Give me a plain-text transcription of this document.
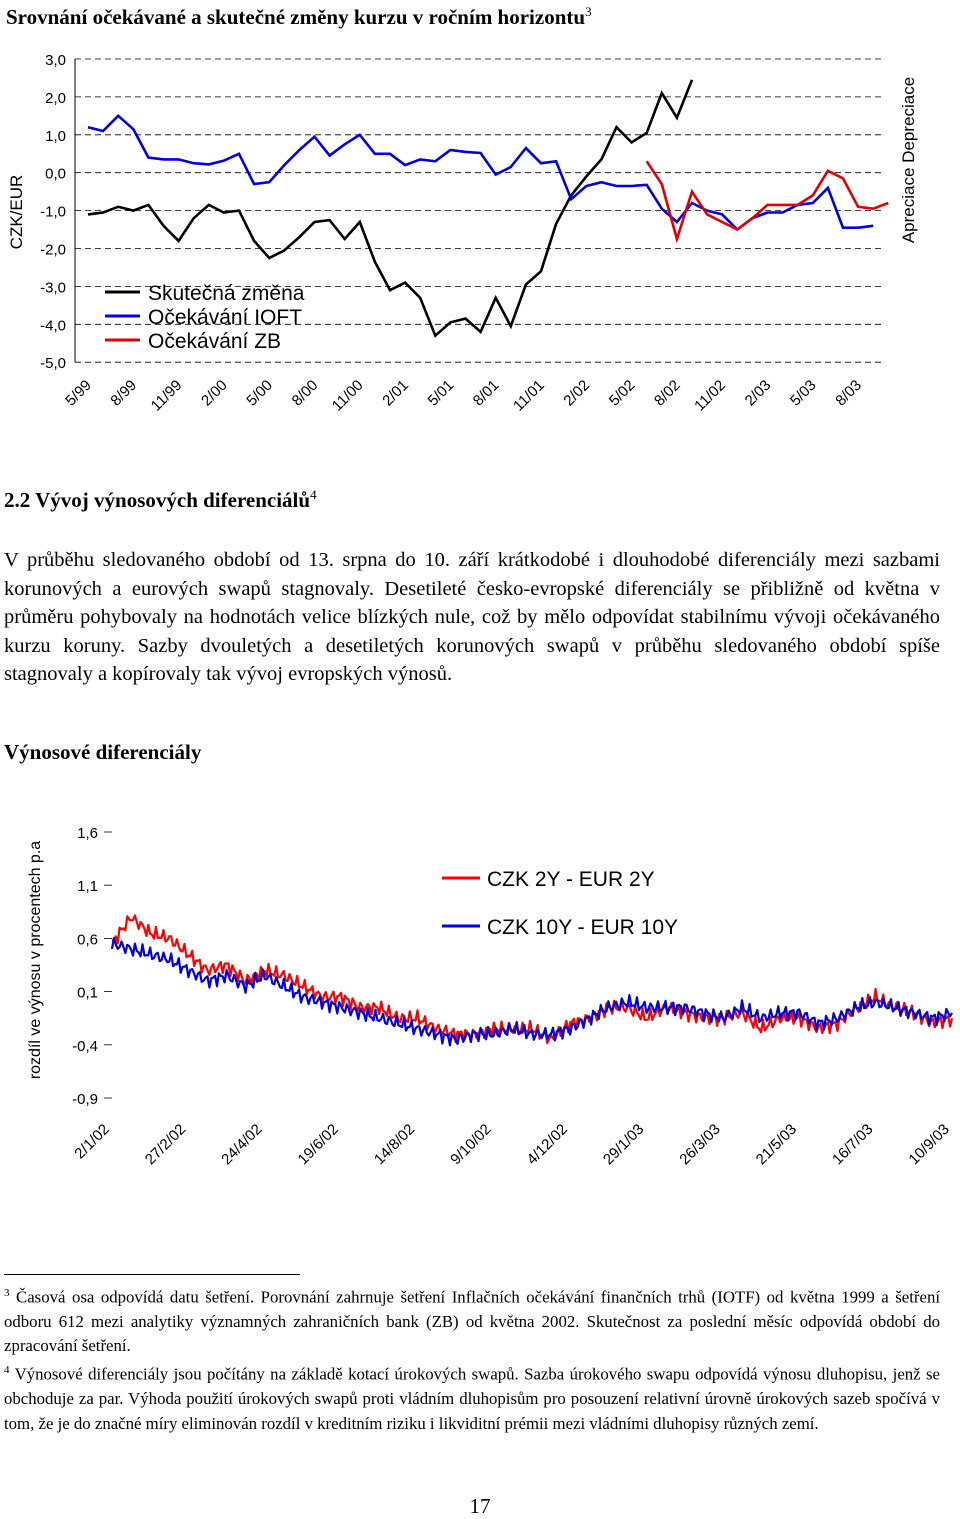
Srovnání očekávané a skutečné změny kurzu v ročním horizontu$^3$
CZK/EUR	Apreciace Depreciace
3,0
2,0
1,0
0,0
-1,0
-2,0
-3,0
-4,0
-5,0
5/99 8/99 11/99 2/00 5/00 8/00 11/00 2/01 5/01 8/01 11/01 2/02 5/02 8/02 11/02 2/03 5/03 8/03
Skutečná změna
Očekávání IOFT
Očekávání ZB
2.2 Vývoj výnosových diferenciálů$^4$

V průběhu sledovaného období od 13. srpna do 10. září krátkodobé i dlouhodobé diferenciály mezi sazbami korunových a eurových swapů stagnovaly. Desetileté česko-evropské diferenciály se přibližně od května v průměru pohybovaly na hodnotách velice blízkých nule, což by mělo odpovídat stabilnímu vývoji očekávaného kurzu koruny. Sazby dvouletých a desetiletých korunových swapů v průběhu sledovaného období spíše stagnovaly a kopírovaly tak vývoj evropských výnosů.

Výnosové diferenciály
rozdíl ve výnosu v procentech p.a
1,6
1,1
0,6
0,1
-0,4
-0,9
2/1/02 27/2/02 24/4/02 19/6/02 14/8/02 9/10/02 4/12/02 29/1/03 26/3/03 21/5/03 16/7/03 10/9/03
CZK 2Y - EUR 2Y
CZK 10Y - EUR 10Y

$^3$ Časová osa odpovídá datu šetření. Porovnání zahrnuje šetření Inflačních očekávání finančních trhů (IOTF) od května 1999 a šetření odboru 612 mezi analytiky významných zahraničních bank (ZB) od května 2002. Skutečnost za poslední měsíc odpovídá období do zpracování šetření.

$^4$ Výnosové diferenciály jsou počítány na základě kotací úrokových swapů. Sazba úrokového swapu odpovídá výnosu dluhopisu, jenž se obchoduje za par. Výhoda použití úrokových swapů proti vládním dluhopisům pro posouzení relativní úrovně úrokových sazeb spočívá v tom, že je do značné míry eliminován rozdíl v kreditním riziku i likviditní prémii mezi vládními dluhopisy různých zemí.

17
